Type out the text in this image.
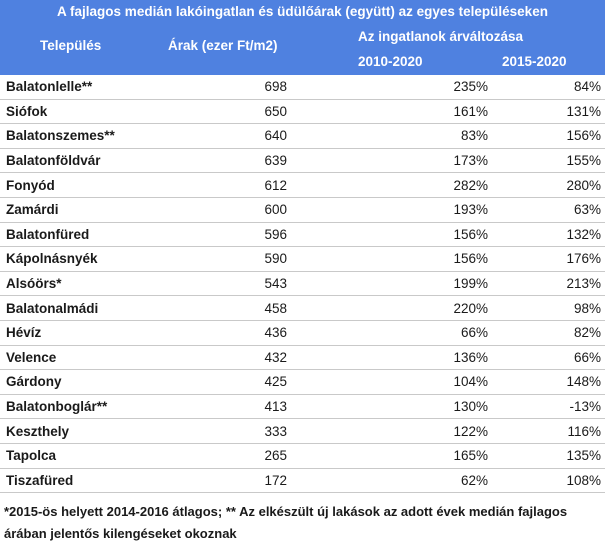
A fajlagos medián lakóingatlan és üdülőárak (együtt) az egyes településeken
Település	Árak (ezer Ft/m2)
Az ingatlanok árváltozása
2010-2020	2015-2020
Balatonlelle**	698	235%	84%
Siófok	650	161%	131%
Balatonszemes**	640	83%	156%
Balatonföldvár	639	173%	155%
Fonyód	612	282%	280%
Zamárdi	600	193%	63%
Balatonfüred	596	156%	132%
Kápolnásnyék	590	156%	176%
Alsóörs*	543	199%	213%
Balatonalmádi	458	220%	98%
Hévíz	436	66%	82%
Velence	432	136%	66%
Gárdony	425	104%	148%
Balatonboglár**	413	130%	-13%
Keszthely	333	122%	116%
Tapolca	265	165%	135%
Tiszafüred	172	62%	108%
*2015-ös helyett 2014-2016 átlagos; ** Az elkészült új lakások az adott évek medián fajlagos árában jelentős kilengéseket okoznak
